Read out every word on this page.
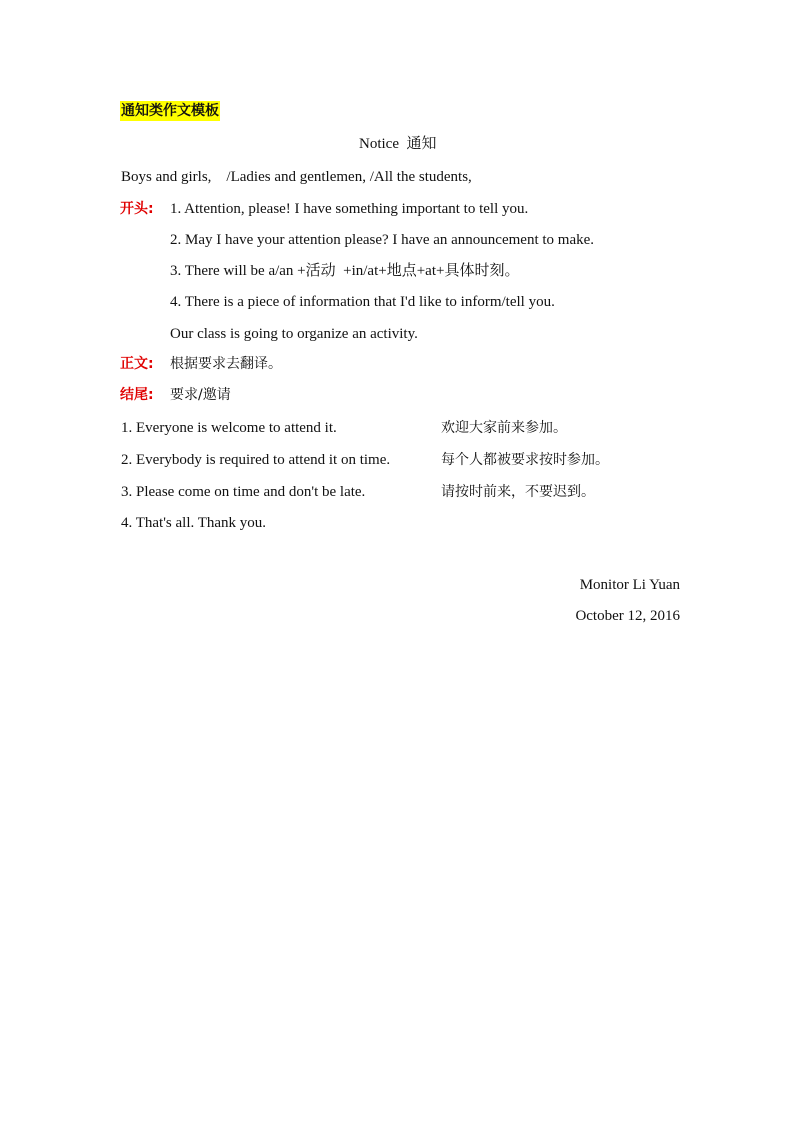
通知类作文模板
Notice  通知
Boys and girls,    /Ladies and gentlemen, /All the students,
开头: 1. Attention, please! I have something important to tell you.
2. May I have your attention please? I have an announcement to make.
3. There will be a/an +活动  +in/at+地点+at+具体时刻。
4. There is a piece of information that I'd like to inform/tell you.
Our class is going to organize an activity.
正文: 根据要求去翻译。
结尾: 要求/邀请
1. Everyone is welcome to attend it.	欢迎大家前来参加。
2. Everybody is required to attend it on time.	每个人都被要求按时参加。
3. Please come on time and don't be late.	请按时前来，不要迟到。
4. That's all. Thank you.
Monitor Li Yuan
October 12, 2016
